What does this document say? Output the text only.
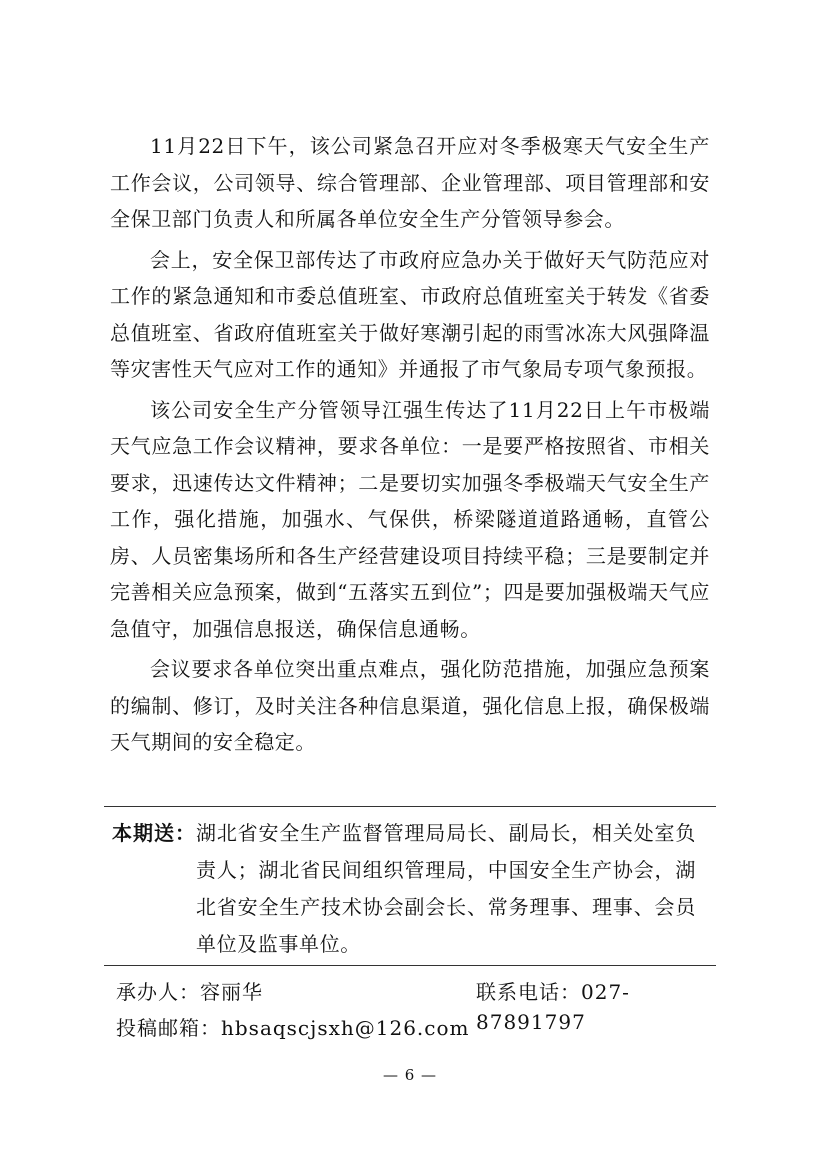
11月22日下午，该公司紧急召开应对冬季极寒天气安全生产工作会议，公司领导、综合管理部、企业管理部、项目管理部和安全保卫部门负责人和所属各单位安全生产分管领导参会。

会上，安全保卫部传达了市政府应急办关于做好天气防范应对工作的紧急通知和市委总值班室、市政府总值班室关于转发《省委总值班室、省政府值班室关于做好寒潮引起的雨雪冰冻大风强降温等灾害性天气应对工作的通知》并通报了市气象局专项气象预报。

该公司安全生产分管领导江强生传达了11月22日上午市极端天气应急工作会议精神，要求各单位：一是要严格按照省、市相关要求，迅速传达文件精神；二是要切实加强冬季极端天气安全生产工作，强化措施，加强水、气保供，桥梁隧道道路通畅，直管公房、人员密集场所和各生产经营建设项目持续平稳；三是要制定并完善相关应急预案，做到“五落实五到位”；四是要加强极端天气应急值守，加强信息报送，确保信息通畅。

会议要求各单位突出重点难点，强化防范措施，加强应急预案的编制、修订，及时关注各种信息渠道，强化信息上报，确保极端天气期间的安全稳定。

本期送： 湖北省安全生产监督管理局局长、副局长，相关处室负责人；湖北省民间组织管理局，中国安全生产协会，湖北省安全生产技术协会副会长、常务理事、理事、会员单位及监事单位。
承办人：容丽华	联系电话：027-87891797
投稿邮箱：hbsaqscjsxh@126.com
— 6 —
